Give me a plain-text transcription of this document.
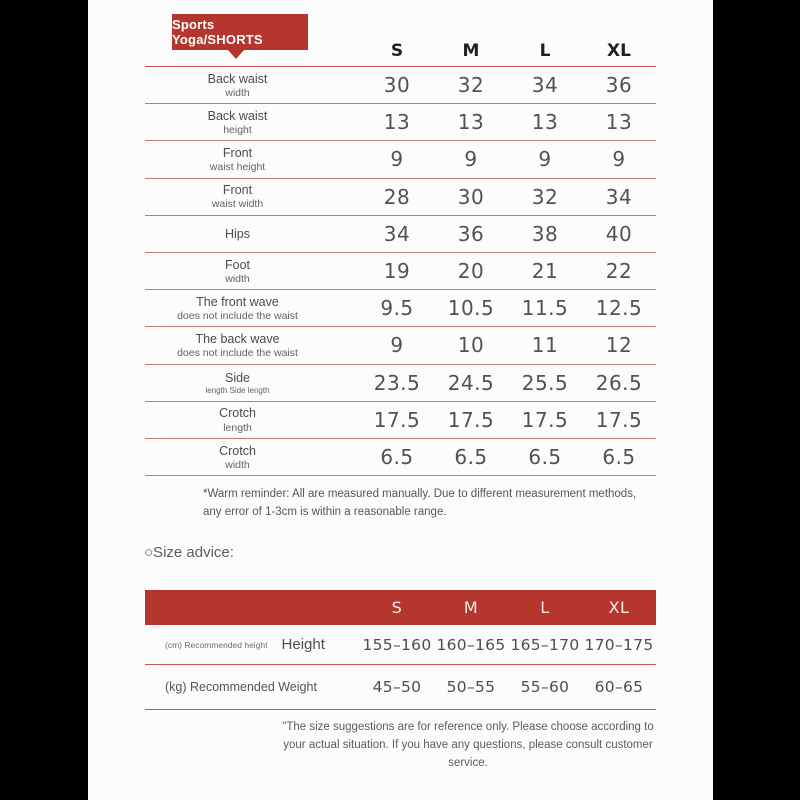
Sports Yoga/SHORTS
S	M	L	XL
Back waist
width	30	32	34	36
Back waist
height	13	13	13	13
Front
waist height	9	9	9	9
Front
waist width	28	30	32	34
Hips	34	36	38	40
Foot
width	19	20	21	22
The front wave
does not include the waist	9.5	10.5	11.5	12.5
The back wave
does not include the waist	9	10	11	12
Side
length Side length	23.5	24.5	25.5	26.5
Crotch
length	17.5	17.5	17.5	17.5
Crotch
width	6.5	6.5	6.5	6.5
*Warm reminder: All are measured manually. Due to different measurement methods, any error of 1-3cm is within a reasonable range.
○Size advice:
S	M	L	XL
(cm) Recommended height Height 155–160 160–165 165–170 170–175
(kg) Recommended Weight	45–50	50–55	55–60	60–65
"The size suggestions are for reference only. Please choose according to your actual situation. If you have any questions, please consult customer service.
